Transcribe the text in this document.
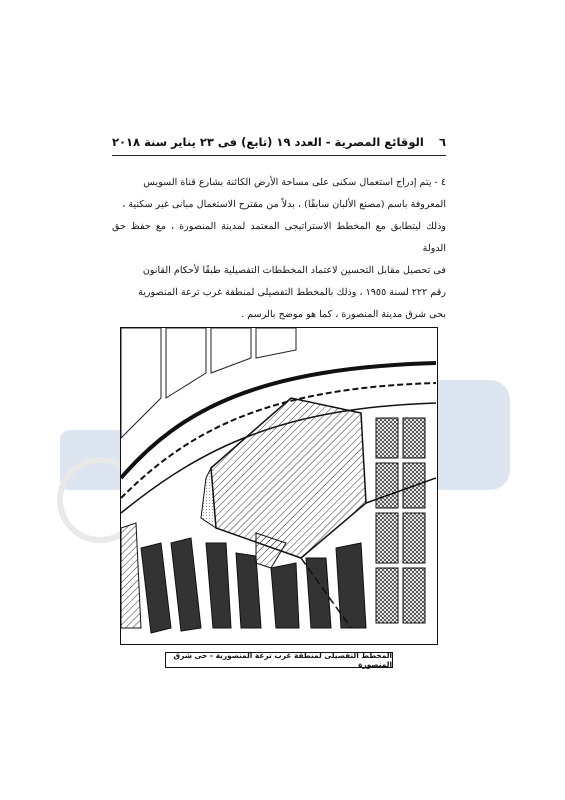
٦
الوقائع المصرية - العدد ١٩ (تابع) فى ٢٣ يناير سنة ٢٠١٨

٤ - يتم إدراج استعمال سكنى على مساحة الأرض الكائنة بشارع قناة السويس

المعروفة باسم (مصنع الألبان سابقًا) ، بدلاً من مقترح الاستعمال مبانى غير سكنية ،

وذلك ليتطابق مع المخطط الاستراتيجى المعتمد لمدينة المنصورة ، مع حفظ حق الدولة

فى تحصيل مقابل التحسين لاعتماد المخططات التفصيلية طبقًا لأحكام القانون

رقم ٢٢٢ لسنة ١٩٥٥ ، وذلك بالمخطط التفصيلى لمنطقة غرب ترعة المنصورية

بحى شرق مدينة المنصورة ، كما هو موضح بالرسم .

المخطط التفصيلى لمنطقة غرب ترعة المنصورية - حى شرق المنصورة
